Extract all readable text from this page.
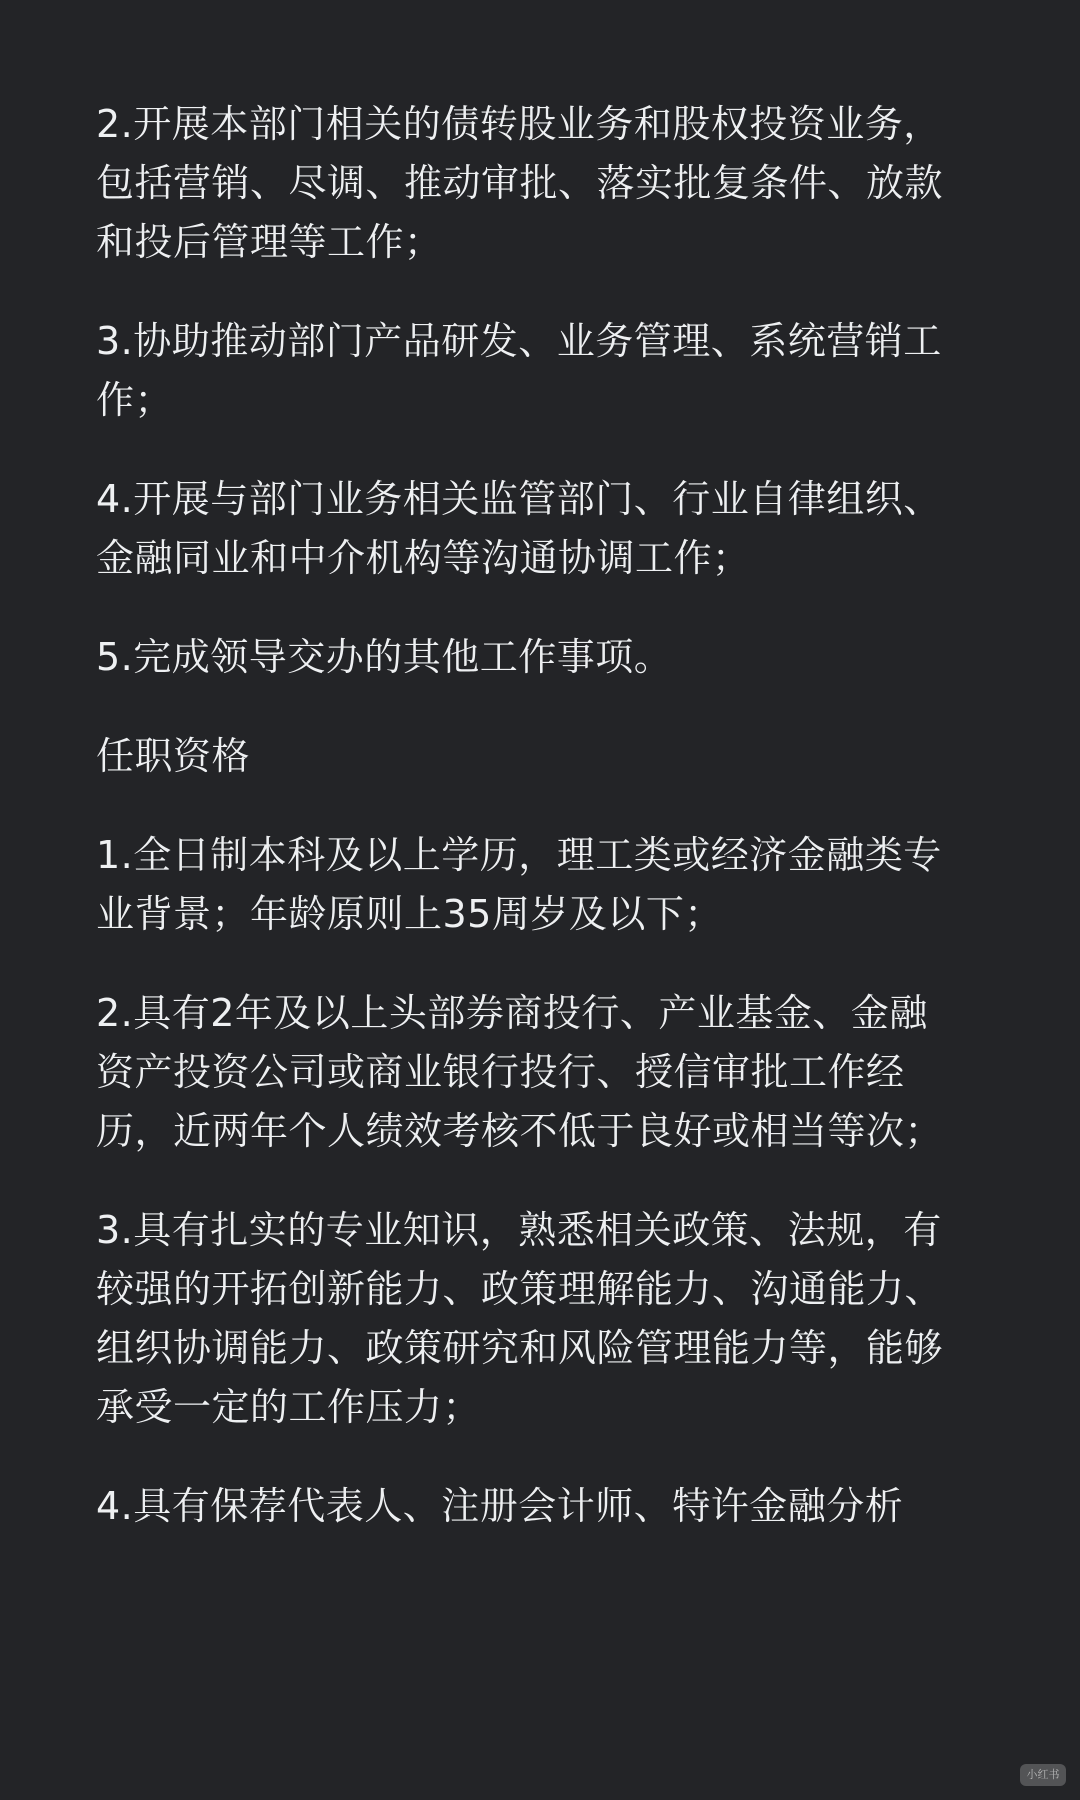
2.开展本部门相关的债转股业务和股权投资业务，
包括营销、尽调、推动审批、落实批复条件、放款
和投后管理等工作；
3.协助推动部门产品研发、业务管理、系统营销工
作；
4.开展与部门业务相关监管部门、行业自律组织、
金融同业和中介机构等沟通协调工作；
5.完成领导交办的其他工作事项。
任职资格
1.全日制本科及以上学历，理工类或经济金融类专
业背景；年龄原则上35周岁及以下；
2.具有2年及以上头部券商投行、产业基金、金融
资产投资公司或商业银行投行、授信审批工作经
历，近两年个人绩效考核不低于良好或相当等次；
3.具有扎实的专业知识，熟悉相关政策、法规，有
较强的开拓创新能力、政策理解能力、沟通能力、
组织协调能力、政策研究和风险管理能力等，能够
承受一定的工作压力；
4.具有保荐代表人、注册会计师、特许金融分析
小红书
